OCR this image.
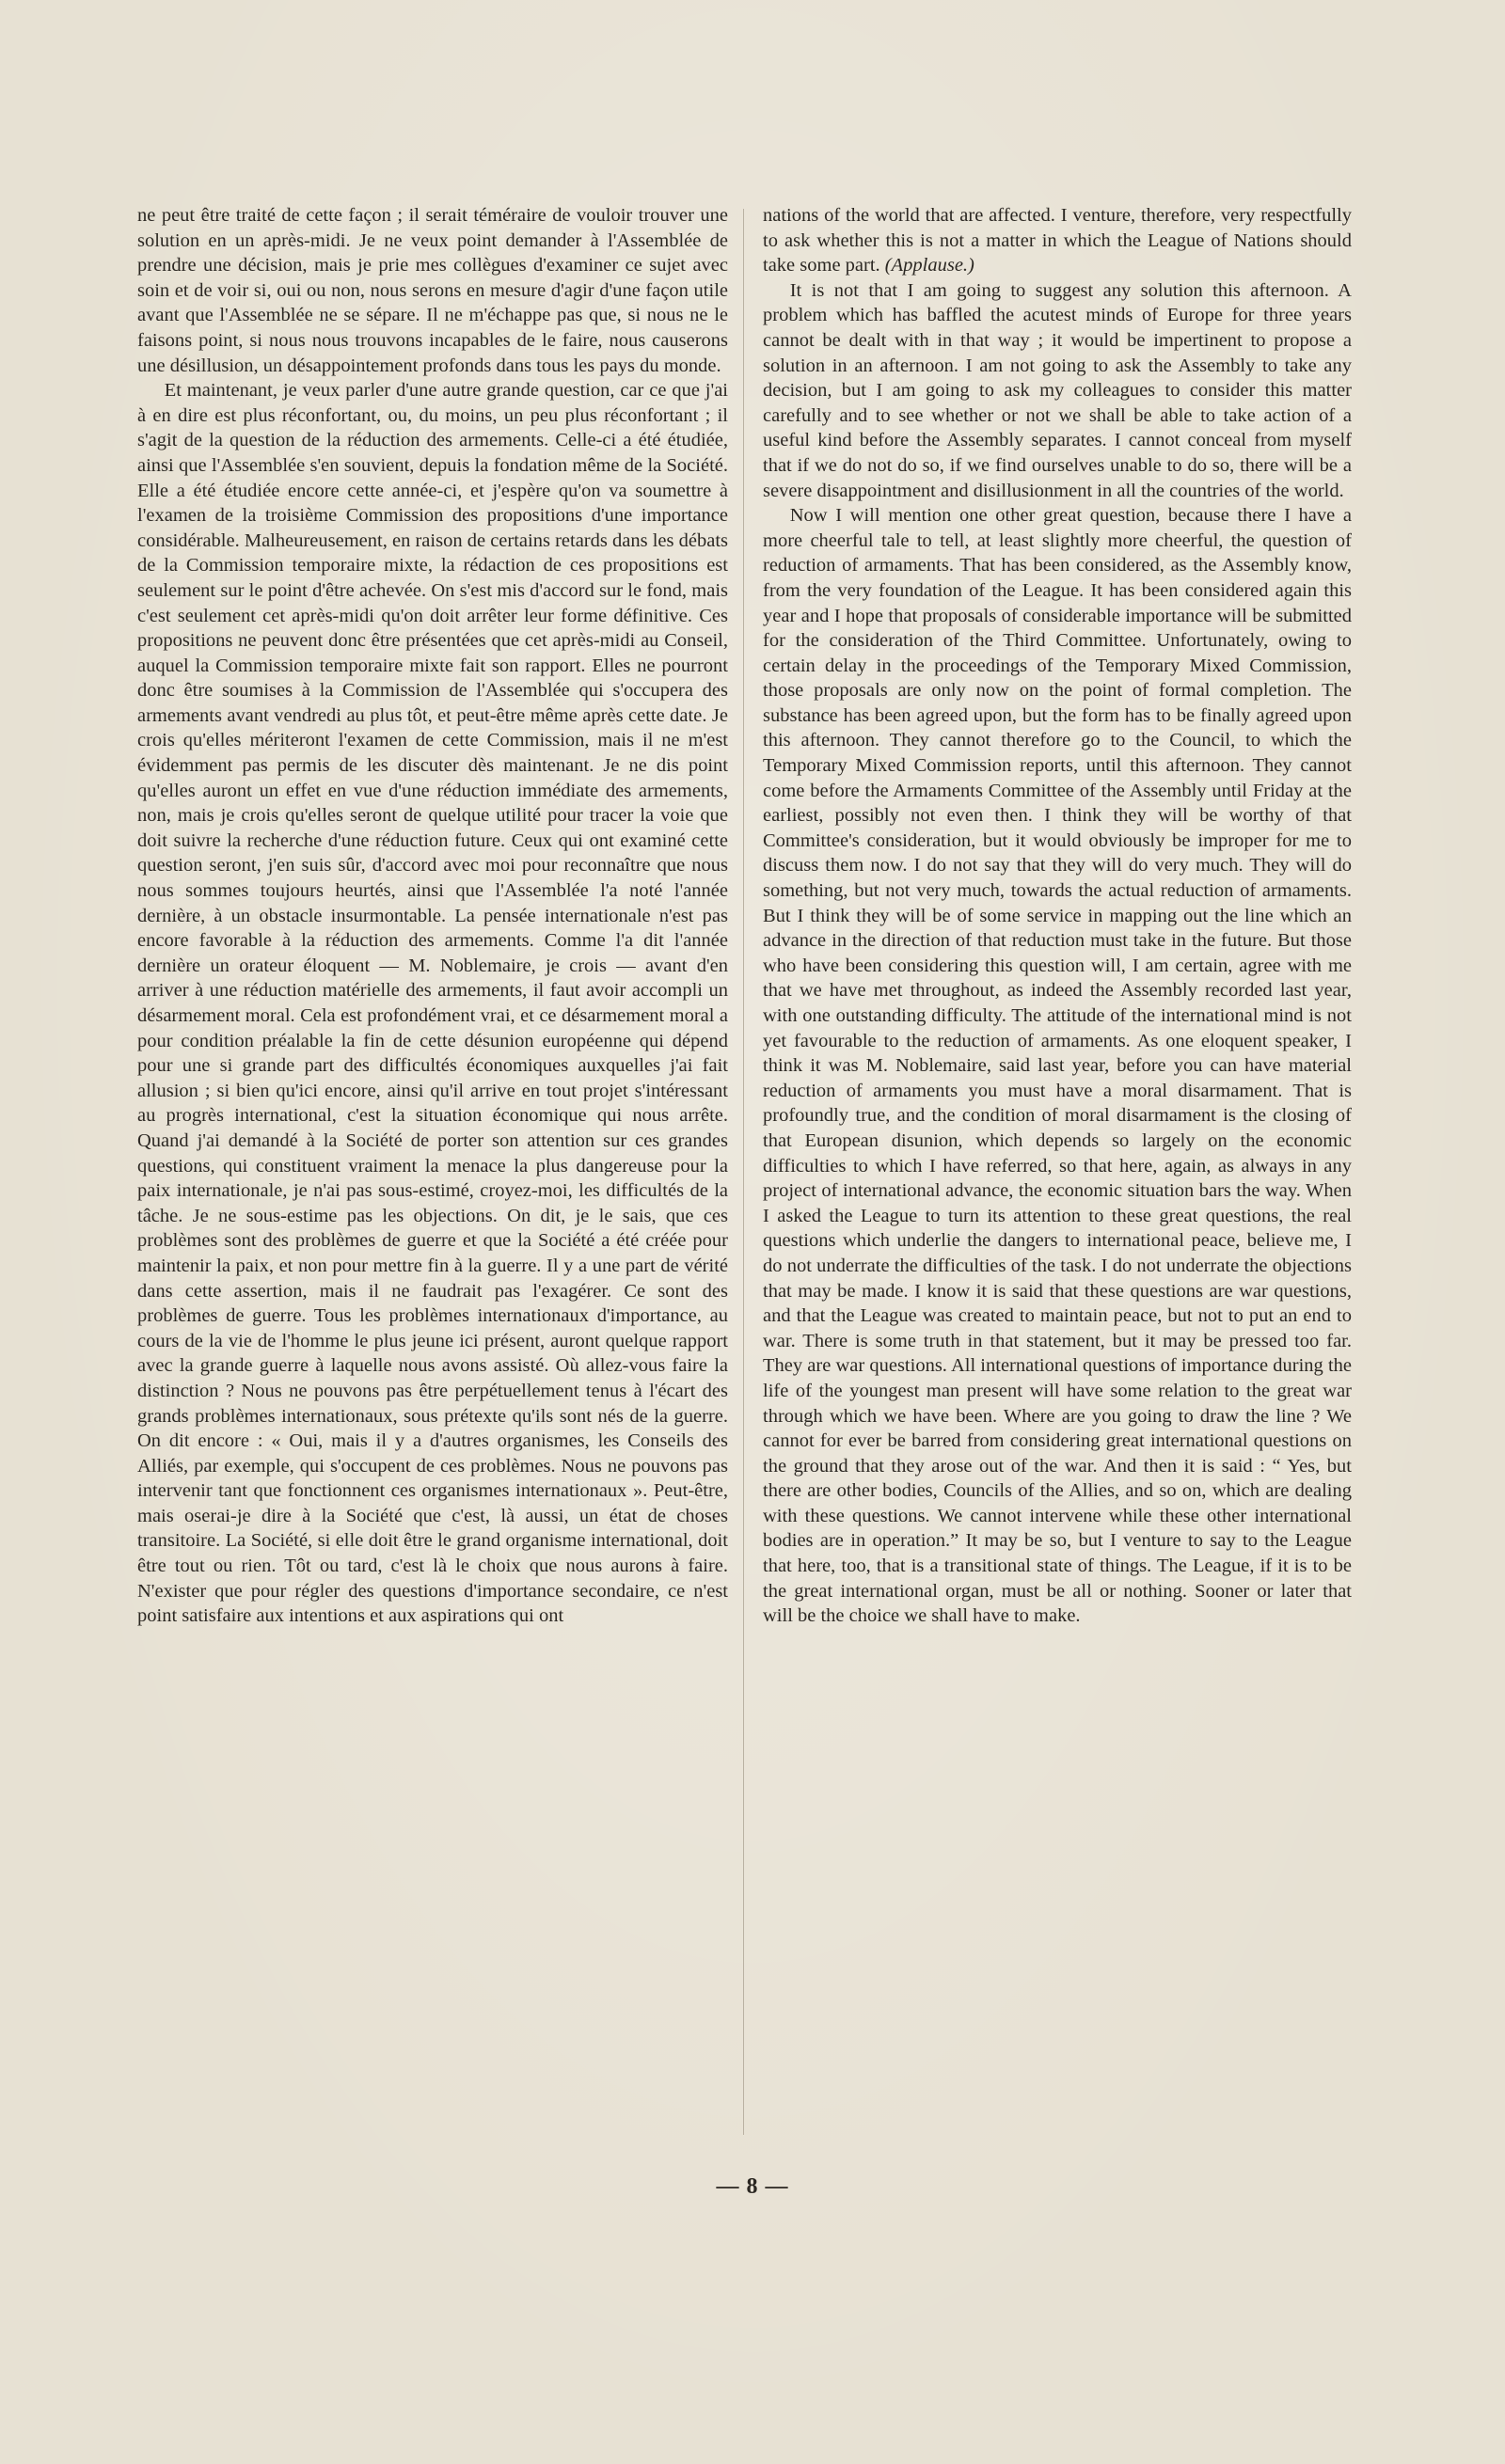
ne peut être traité de cette façon ; il serait téméraire de vouloir trouver une solution en un après-midi. Je ne veux point demander à l'Assemblée de prendre une décision, mais je prie mes collègues d'examiner ce sujet avec soin et de voir si, oui ou non, nous serons en mesure d'agir d'une façon utile avant que l'Assemblée ne se sépare. Il ne m'échappe pas que, si nous ne le faisons point, si nous nous trouvons incapables de le faire, nous causerons une désillusion, un désappointement profonds dans tous les pays du monde.

Et maintenant, je veux parler d'une autre grande question, car ce que j'ai à en dire est plus réconfortant, ou, du moins, un peu plus réconfortant ; il s'agit de la question de la réduction des armements. Celle-ci a été étudiée, ainsi que l'Assemblée s'en souvient, depuis la fondation même de la Société. Elle a été étudiée encore cette année-ci, et j'espère qu'on va soumettre à l'examen de la troisième Commission des propositions d'une importance considérable. Malheureusement, en raison de certains retards dans les débats de la Commission temporaire mixte, la rédaction de ces propositions est seulement sur le point d'être achevée. On s'est mis d'accord sur le fond, mais c'est seulement cet après-midi qu'on doit arrêter leur forme définitive. Ces propositions ne peuvent donc être présentées que cet après-midi au Conseil, auquel la Commission temporaire mixte fait son rapport. Elles ne pourront donc être soumises à la Commission de l'Assemblée qui s'occupera des armements avant vendredi au plus tôt, et peut-être même après cette date. Je crois qu'elles mériteront l'examen de cette Commission, mais il ne m'est évidemment pas permis de les discuter dès maintenant. Je ne dis point qu'elles auront un effet en vue d'une réduction immédiate des armements, non, mais je crois qu'elles seront de quelque utilité pour tracer la voie que doit suivre la recherche d'une réduction future. Ceux qui ont examiné cette question seront, j'en suis sûr, d'accord avec moi pour reconnaître que nous nous sommes toujours heurtés, ainsi que l'Assemblée l'a noté l'année dernière, à un obstacle insurmontable. La pensée internationale n'est pas encore favorable à la réduction des armements. Comme l'a dit l'année dernière un orateur éloquent — M. Noblemaire, je crois — avant d'en arriver à une réduction matérielle des armements, il faut avoir accompli un désarmement moral. Cela est profondément vrai, et ce désarmement moral a pour condition préalable la fin de cette désunion européenne qui dépend pour une si grande part des difficultés économiques auxquelles j'ai fait allusion ; si bien qu'ici encore, ainsi qu'il arrive en tout projet s'intéressant au progrès international, c'est la situation économique qui nous arrête. Quand j'ai demandé à la Société de porter son attention sur ces grandes questions, qui constituent vraiment la menace la plus dangereuse pour la paix internationale, je n'ai pas sous-estimé, croyez-moi, les difficultés de la tâche. Je ne sous-estime pas les objections. On dit, je le sais, que ces problèmes sont des problèmes de guerre et que la Société a été créée pour maintenir la paix, et non pour mettre fin à la guerre. Il y a une part de vérité dans cette assertion, mais il ne faudrait pas l'exagérer. Ce sont des problèmes de guerre. Tous les problèmes internationaux d'importance, au cours de la vie de l'homme le plus jeune ici présent, auront quelque rapport avec la grande guerre à laquelle nous avons assisté. Où allez-vous faire la distinction ? Nous ne pouvons pas être perpétuellement tenus à l'écart des grands problèmes internationaux, sous prétexte qu'ils sont nés de la guerre. On dit encore : « Oui, mais il y a d'autres organismes, les Conseils des Alliés, par exemple, qui s'occupent de ces problèmes. Nous ne pouvons pas intervenir tant que fonctionnent ces organismes internationaux ». Peut-être, mais oserai-je dire à la Société que c'est, là aussi, un état de choses transitoire. La Société, si elle doit être le grand organisme international, doit être tout ou rien. Tôt ou tard, c'est là le choix que nous aurons à faire. N'exister que pour régler des questions d'importance secondaire, ce n'est point satisfaire aux intentions et aux aspirations qui ont

nations of the world that are affected. I venture, therefore, very respectfully to ask whether this is not a matter in which the League of Nations should take some part. (Applause.)

It is not that I am going to suggest any solution this afternoon. A problem which has baffled the acutest minds of Europe for three years cannot be dealt with in that way ; it would be impertinent to propose a solution in an afternoon. I am not going to ask the Assembly to take any decision, but I am going to ask my colleagues to consider this matter carefully and to see whether or not we shall be able to take action of a useful kind before the Assembly separates. I cannot conceal from myself that if we do not do so, if we find ourselves unable to do so, there will be a severe disappointment and disillusionment in all the countries of the world.

Now I will mention one other great question, because there I have a more cheerful tale to tell, at least slightly more cheerful, the question of reduction of armaments. That has been considered, as the Assembly know, from the very foundation of the League. It has been considered again this year and I hope that proposals of considerable importance will be submitted for the consideration of the Third Committee. Unfortunately, owing to certain delay in the proceedings of the Temporary Mixed Commission, those proposals are only now on the point of formal completion. The substance has been agreed upon, but the form has to be finally agreed upon this afternoon. They cannot therefore go to the Council, to which the Temporary Mixed Commission reports, until this afternoon. They cannot come before the Armaments Committee of the Assembly until Friday at the earliest, possibly not even then. I think they will be worthy of that Committee's consideration, but it would obviously be improper for me to discuss them now. I do not say that they will do very much. They will do something, but not very much, towards the actual reduction of armaments. But I think they will be of some service in mapping out the line which an advance in the direction of that reduction must take in the future. But those who have been considering this question will, I am certain, agree with me that we have met throughout, as indeed the Assembly recorded last year, with one outstanding difficulty. The attitude of the international mind is not yet favourable to the reduction of armaments. As one eloquent speaker, I think it was M. Noblemaire, said last year, before you can have material reduction of armaments you must have a moral disarmament. That is profoundly true, and the condition of moral disarmament is the closing of that European disunion, which depends so largely on the economic difficulties to which I have referred, so that here, again, as always in any project of international advance, the economic situation bars the way. When I asked the League to turn its attention to these great questions, the real questions which underlie the dangers to international peace, believe me, I do not underrate the difficulties of the task. I do not underrate the objections that may be made. I know it is said that these questions are war questions, and that the League was created to maintain peace, but not to put an end to war. There is some truth in that statement, but it may be pressed too far. They are war questions. All international questions of importance during the life of the youngest man present will have some relation to the great war through which we have been. Where are you going to draw the line ? We cannot for ever be barred from considering great international questions on the ground that they arose out of the war. And then it is said : “ Yes, but there are other bodies, Councils of the Allies, and so on, which are dealing with these questions. We cannot intervene while these other international bodies are in operation.” It may be so, but I venture to say to the League that here, too, that is a transitional state of things. The League, if it is to be the great international organ, must be all or nothing. Sooner or later that will be the choice we shall have to make.

— 8 —
